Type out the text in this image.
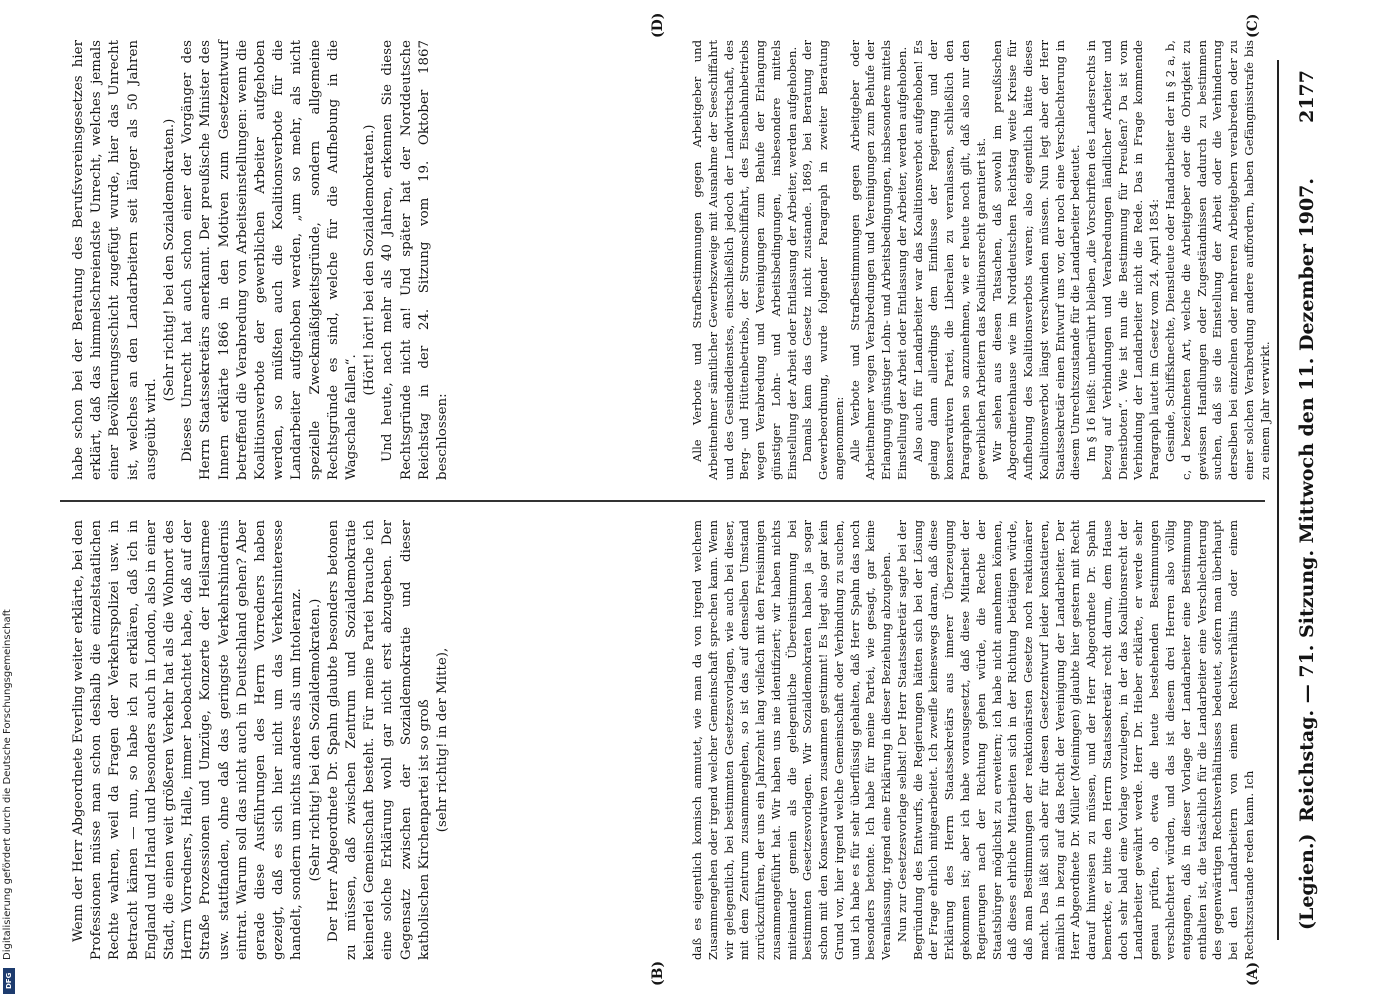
(Legien.)
Reichstag. — 71. Sitzung. Mittwoch den 11. Dezember 1907.
2177
(A)
(B)
(C)
(D)

Wenn der Herr Abgeordnete Everling weiter erklärte, bei den Professionen müsse man schon deshalb die einzelstaatlichen Rechte wahren, weil da Fragen der Verkehrspolizei usw. in Betracht kämen — nun, so habe ich zu erklären, daß ich in England und Irland und besonders auch in London, also in einer Stadt, die einen weit größeren Verkehr hat als die Wohnort des Herrn Vorredners, Halle, immer beobachtet habe, daß auf der Straße Prozessionen und Umzüge, Konzerte der Heilsarmee usw. stattfanden, ohne daß das geringste Verkehrshindernis eintrat. Warum soll das nicht auch in Deutschland gehen? Aber gerade diese Ausführungen des Herrn Vorredners haben gezeigt, daß es sich hier nicht um das Verkehrsinteresse handelt, sondern um nichts anderes als um Intoleranz. (Sehr richtig! bei den Sozialdemokraten.) Der Herr Abgeordnete Dr. Spahn glaubte besonders betonen zu müssen, daß zwischen Zentrum und Sozialdemokratie keinerlei Gemeinschaft besteht. Für meine Partei brauche ich eine solche Erklärung wohl gar nicht erst abzugeben. Der Gegensatz zwischen der Sozialdemokratie und dieser katholischen Kirchenpartei ist so groß (sehr richtig! in der Mitte),	daß es eigentlich komisch anmutet, wie man da von irgend welchem Zusammengehen oder irgend welcher Gemeinschaft sprechen kann. Wenn wir gelegentlich, bei bestimmten Gesetzesvorlagen, wie auch bei dieser, mit dem Zentrum zusammengehen, so ist das auf denselben Umstand zurückzuführen, der uns ein Jahrzehnt lang vielfach mit den Freisinnigen zusammengeführt hat. Wir haben uns nie identifiziert; wir haben nichts miteinander gemein als die gelegentliche Übereinstimmung bei bestimmten Gesetzesvorlagen. Wir Sozialdemokraten haben ja sogar schon mit den Konservativen zusammen gestimmt! Es liegt also gar kein Grund vor, hier irgend welche Gemeinschaft oder Verbindung zu suchen, und ich habe es für sehr überflüssig gehalten, daß Herr Spahn das noch besonders betonte. Ich habe für meine Partei, wie gesagt, gar keine Veranlassung, irgend eine Erklärung in dieser Beziehung abzugeben. Nun zur Gesetzesvorlage selbst! Der Herr Staatssekretär sagte bei der Begründung des Entwurfs, die Regierungen hätten sich bei der Lösung der Frage ehrlich mitgearbeitet. Ich zweifle keineswegs daran, daß diese Erklärung des Herrn Staatssekretärs aus innerer Überzeugung gekommen ist; aber ich habe vorausgesetzt, daß diese Mitarbeit der Regierungen nach der Richtung gehen würde, die Rechte der Staatsbürger möglichst zu erweitern; ich habe nicht annehmen können, daß dieses ehrliche Mitarbeiten sich in der Richtung betätigen würde, daß man Bestimmungen der reaktionärsten Gesetze noch reaktionärer macht. Das läßt sich aber für diesen Gesetzentwurf leider konstatieren, nämlich in bezug auf das Recht der Vereinigung der Landarbeiter. Der Herr Abgeordnete Dr. Müller (Meiningen) glaubte hier gestern mit Recht darauf hinweisen zu müssen, und der Herr Abgeordnete Dr. Spahn bemerkte, er bitte den Herrn Staatssekretär recht darum, dem Hause doch sehr bald eine Vorlage vorzulegen, in der das Koalitionsrecht der Landarbeiter gewährt werde. Herr Dr. Hieber erklärte, er werde sehr genau prüfen, ob etwa die heute bestehenden Bestimmungen verschlechtert würden, und das ist diesem drei Herren also völlig entgangen, daß in dieser Vorlage der Landarbeiter eine Bestimmung enthalten ist, die tatsächlich für die Landarbeiter eine Verschlechterung des gegenwärtigen Rechtsverhältnisses bedeutet, sofern man überhaupt bei den Landarbeitern von einem Rechtsverhältnis oder einem Rechtszustande reden kann. Ich

habe schon bei der Beratung des Berufsvereinsgesetzes hier erklärt, daß das himmelschreiendste Unrecht, welches jemals einer Bevölkerungsschicht zugefügt wurde, hier das Unrecht ist, welches an den Landarbeitern seit länger als 50 Jahren ausgeübt wird.

(Sehr richtig! bei den Sozialdemokraten.) Dieses Unrecht hat auch schon einer der Vorgänger des Herrn Staatssekretärs anerkannt. Der preußische Minister des Innern erklärte 1866 in den Motiven zum Gesetzentwurf betreffend die Verabredung von Arbeitseinstellungen: wenn die Koalitionsverbote der gewerblichen Arbeiter aufgehoben werden, so müßten auch die Koalitionsverbote für die Landarbeiter aufgehoben werden, „um so mehr, als nicht spezielle Zweckmäßigkeitsgründe, sondern allgemeine Rechtsgründe es sind, welche für die Aufhebung in die Wagschale fallen“.

(Hört! hört! bei den Sozialdemokraten.) Und heute, nach mehr als 40 Jahren, erkennen Sie diese Rechtsgründe nicht an! Und später hat der Norddeutsche Reichstag in der 24. Sitzung vom 19. Oktober 1867 beschlossen:	Alle Verbote und Strafbestimmungen gegen Arbeitgeber und Arbeitnehmer sämtlicher Gewerbszweige mit Ausnahme der Seeschiffahrt und des Gesindedienstes, einschließlich jedoch der Landwirtschaft, des Berg- und Hüttenbetriebs, der Stromschiffahrt, des Eisenbahnbetriebs wegen Verabredung und Vereinigungen zum Behufe der Erlangung günstiger Lohn- und Arbeitsbedingungen, insbesondere mittels Einstellung der Arbeit oder Entlassung der Arbeiter, werden aufgehoben. Damals kam das Gesetz nicht zustande. 1869, bei Beratung der Gewerbeordnung, wurde folgender Paragraph in zweiter Beratung angenommen: Alle Verbote und Strafbestimmungen gegen Arbeitgeber oder Arbeitnehmer wegen Verabredungen und Vereinigungen zum Behufe der Erlangung günstiger Lohn- und Arbeitsbedingungen, insbesondere mittels Einstellung der Arbeit oder Entlassung der Arbeiter, werden aufgehoben. Also auch für Landarbeiter war das Koalitionsverbot aufgehoben! Es gelang dann allerdings dem Einflusse der Regierung und der konservativen Partei, die Liberalen zu veranlassen, schließlich den Paragraphen so anzunehmen, wie er heute noch gilt, daß also nur den gewerblichen Arbeitern das Koalitionsrecht garantiert ist. Wir sehen aus diesen Tatsachen, daß sowohl im preußischen Abgeordnetenhause wie im Norddeutschen Reichstag weite Kreise für Aufhebung des Koalitionsverbots waren; also eigentlich hätte dieses Koalitionsverbot längst verschwinden müssen. Nun legt aber der Herr Staatssekretär einen Entwurf uns vor, der noch eine Verschlechterung in diesem Unrechtszustande für die Landarbeiter bedeutet. Im § 16 heißt: unberührt bleiben „die Vorschriften des Landesrechts in bezug auf Verbindungen und Verabredungen ländlicher Arbeiter und Dienstboten“. Wie ist nun die Bestimmung für Preußen? Da ist vom Verbindung der Landarbeiter nicht die Rede. Das in Frage kommende Paragraph lautet im Gesetz vom 24. April 1854: Gesinde, Schiffsknechte, Dienstleute oder Handarbeiter der in § 2 a, b, c, d bezeichneten Art, welche die Arbeitgeber oder die Obrigkeit zu gewissen Handlungen oder Zugeständnissen dadurch zu bestimmen suchen, daß sie die Einstellung der Arbeit oder die Verhinderung derselben bei einzelnen oder mehreren Arbeitgebern verabreden oder zu einer solchen Verabredung andere auffordern, haben Gefängnisstrafe bis zu einem Jahr verwirkt.

Digitalisierung gefördert durch die Deutsche Forschungsgemeinschaft
DFG
